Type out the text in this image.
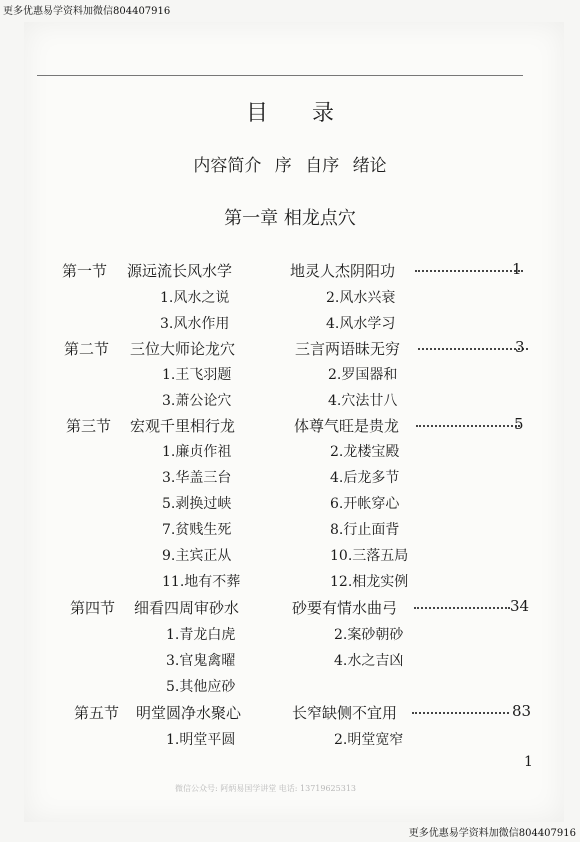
更多优惠易学资料加微信804407916
目录
内容简介 序 自序 绪论
第一章 相龙点穴
第一节 源远流长风水学	地灵人杰阴阳功	1
1.风水之说	2.风水兴衰
3.风水作用	4.风水学习
第二节 三位大师论龙穴	三言两语昧无穷	3
1.王飞羽题	2.罗国器和
3.萧公论穴	4.穴法廿八
第三节 宏观千里相行龙	体尊气旺是贵龙	5
1.廉贞作祖	2.龙楼宝殿
3.华盖三台	4.后龙多节
5.剥换过峡	6.开帐穿心
7.贫贱生死	8.行止面背
9.主宾正从	10.三落五局
11.地有不葬	12.相龙实例
第四节 细看四周审砂水	砂要有情水曲弓	34
1.青龙白虎	2.案砂朝砂
3.官鬼禽曜	4.水之吉凶
5.其他应砂
第五节 明堂圆净水聚心	长窄缺侧不宜用	83
1.明堂平圆	2.明堂宽窄
1
微信公众号: 阿炳易国学讲堂 电话: 13719625313
更多优惠易学资料加微信804407916
